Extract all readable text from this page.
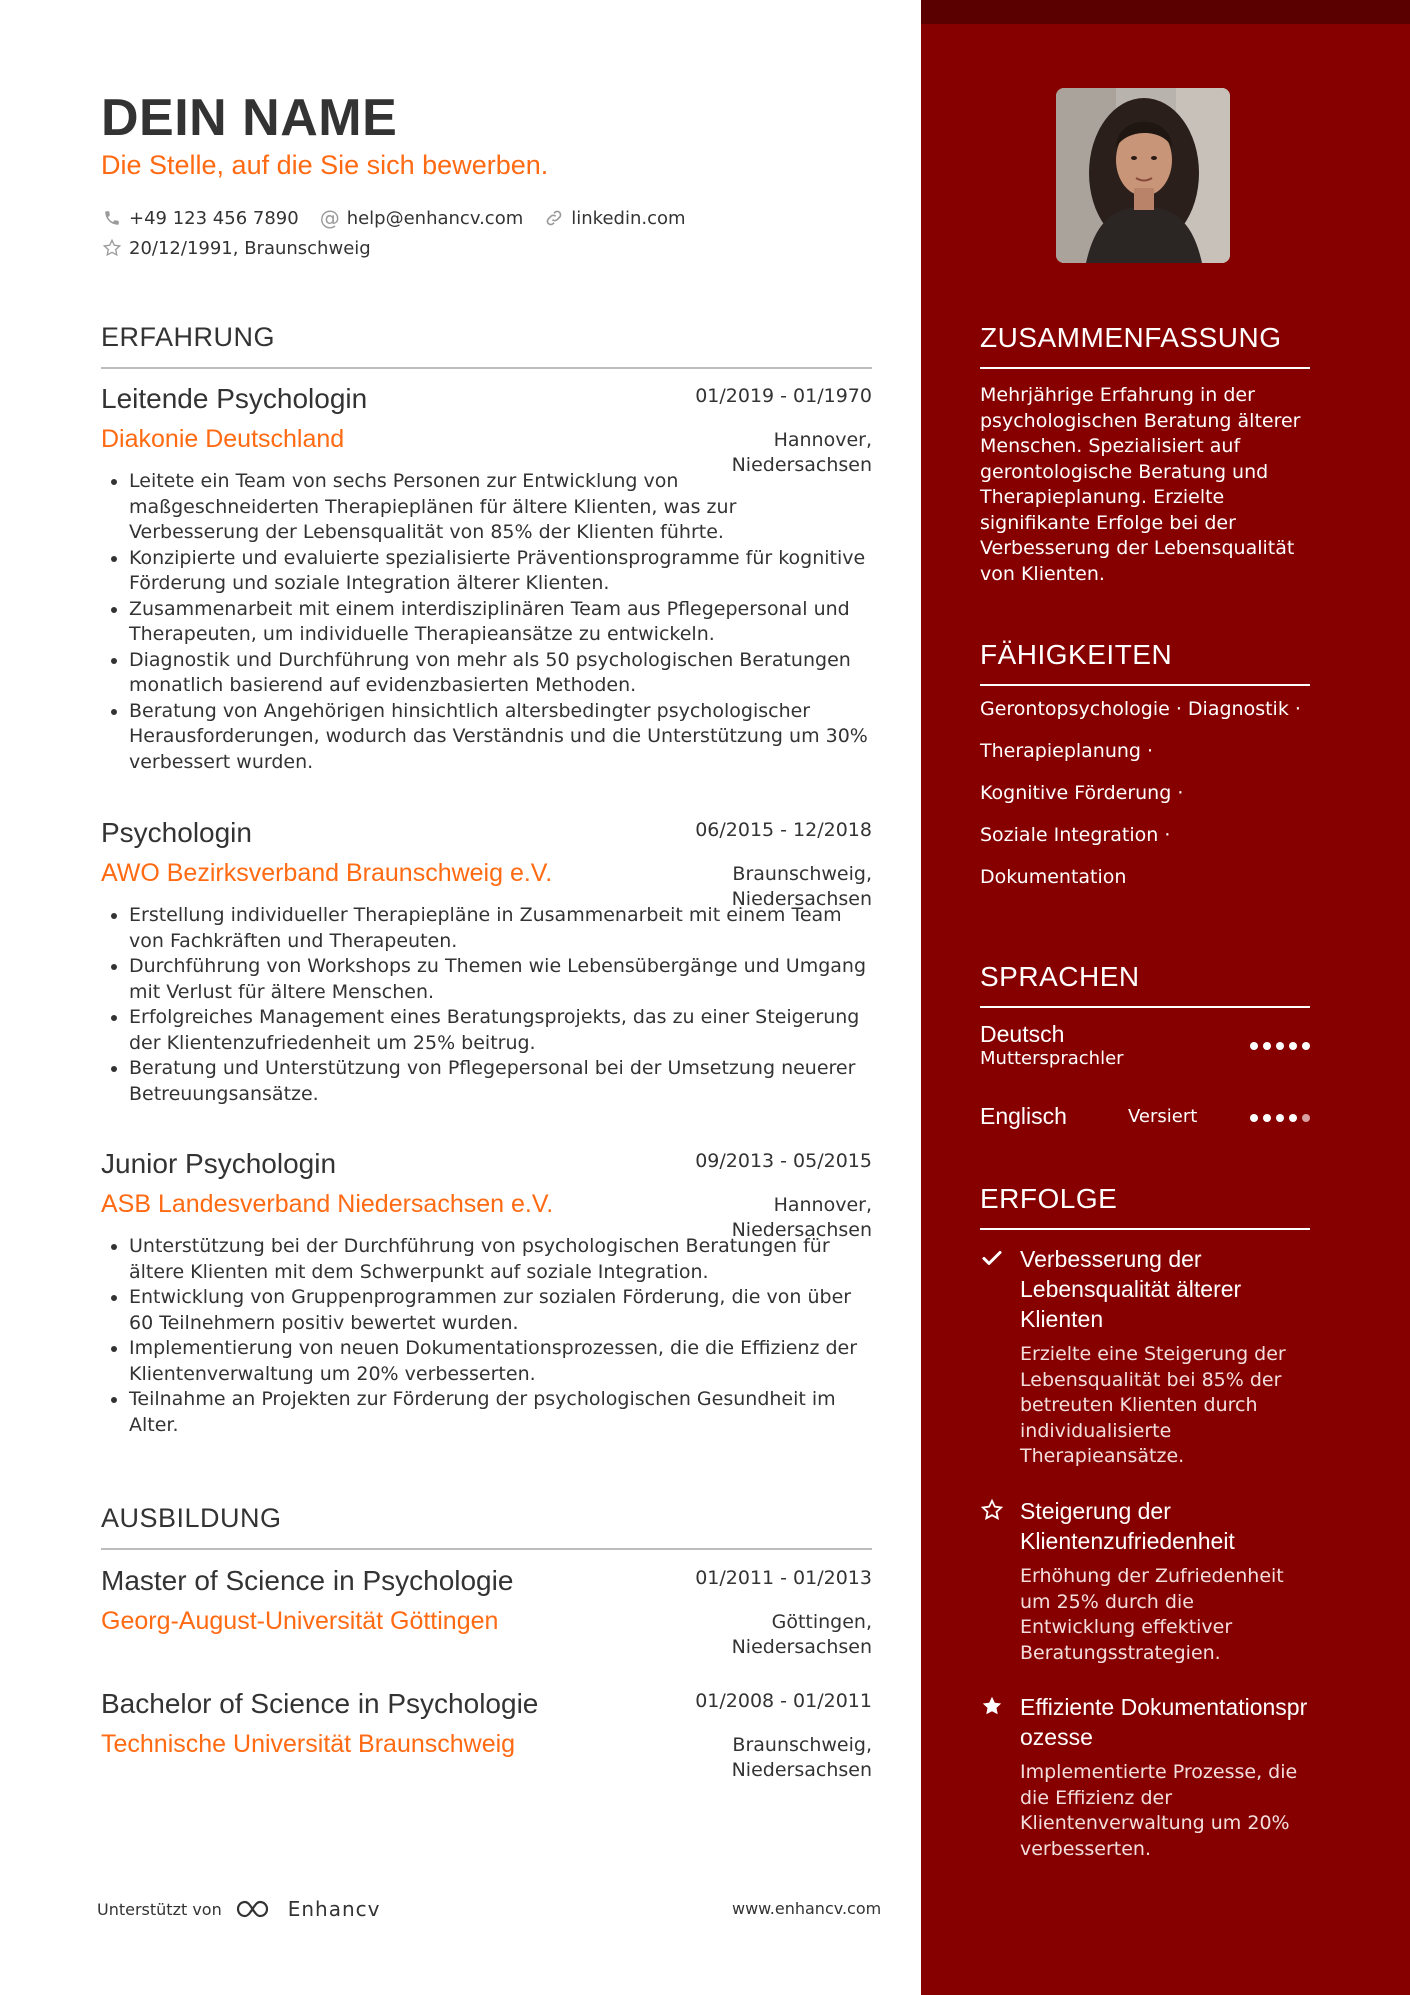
DEIN NAME
Die Stelle, auf die Sie sich bewerben.
+49 123 456 7890 @ help@enhancv.com	linkedin.com
20/12/1991, Braunschweig
ERFAHRUNG
Leitende Psychologin	01/2019 - 01/1970
Diakonie Deutschland	Hannover,
Niedersachsen
• Leitete ein Team von sechs Personen zur Entwicklung von maßgeschneiderten Therapieplänen für ältere Klienten, was zur Verbesserung der Lebensqualität von 85% der Klienten führte.
• Konzipierte und evaluierte spezialisierte Präventionsprogramme für kognitive Förderung und soziale Integration älterer Klienten.
• Zusammenarbeit mit einem interdisziplinären Team aus Pflegepersonal und Therapeuten, um individuelle Therapieansätze zu entwickeln.
• Diagnostik und Durchführung von mehr als 50 psychologischen Beratungen monatlich basierend auf evidenzbasierten Methoden.
• Beratung von Angehörigen hinsichtlich altersbedingter psychologischer Herausforderungen, wodurch das Verständnis und die Unterstützung um 30% verbessert wurden.
Psychologin	06/2015 - 12/2018
AWO Bezirksverband Braunschweig e.V.	Braunschweig,
Niedersachsen
• Erstellung individueller Therapiepläne in Zusammenarbeit mit einem Team von Fachkräften und Therapeuten.
• Durchführung von Workshops zu Themen wie Lebensübergänge und Umgang mit Verlust für ältere Menschen.
• Erfolgreiches Management eines Beratungsprojekts, das zu einer Steigerung der Klientenzufriedenheit um 25% beitrug.
• Beratung und Unterstützung von Pflegepersonal bei der Umsetzung neuerer Betreuungsansätze.
Junior Psychologin	09/2013 - 05/2015
ASB Landesverband Niedersachsen e.V.	Hannover,
Niedersachsen
• Unterstützung bei der Durchführung von psychologischen Beratungen für ältere Klienten mit dem Schwerpunkt auf soziale Integration.
• Entwicklung von Gruppenprogrammen zur sozialen Förderung, die von über 60 Teilnehmern positiv bewertet wurden.
• Implementierung von neuen Dokumentationsprozessen, die die Effizienz der Klientenverwaltung um 20% verbesserten.
• Teilnahme an Projekten zur Förderung der psychologischen Gesundheit im Alter.
AUSBILDUNG
Master of Science in Psychologie	01/2011 - 01/2013
Georg-August-Universität Göttingen	Göttingen,
Niedersachsen
Bachelor of Science in Psychologie	01/2008 - 01/2011
Technische Universität Braunschweig	Braunschweig,
Niedersachsen
Unterstützt von	Enhancv	www.enhancv.com
ZUSAMMENFASSUNG
Mehrjährige Erfahrung in der psychologischen Beratung älterer Menschen. Spezialisiert auf gerontologische Beratung und Therapieplanung. Erzielte signifikante Erfolge bei der Verbesserung der Lebensqualität von Klienten.
FÄHIGKEITEN
Gerontopsychologie · Diagnostik ·
Therapieplanung ·
Kognitive Förderung ·
Soziale Integration ·
Dokumentation
SPRACHEN
Deutsch
Muttersprachler
Englisch	Versiert
ERFOLGE
Verbesserung der Lebensqualität älterer Klienten
Erzielte eine Steigerung der Lebensqualität bei 85% der betreuten Klienten durch individualisierte Therapieansätze.
Steigerung der Klientenzufriedenheit
Erhöhung der Zufriedenheit um 25% durch die Entwicklung effektiver Beratungsstrategien.
Effiziente Dokumentationsprozesse
Implementierte Prozesse, die die Effizienz der Klientenverwaltung um 20% verbesserten.
